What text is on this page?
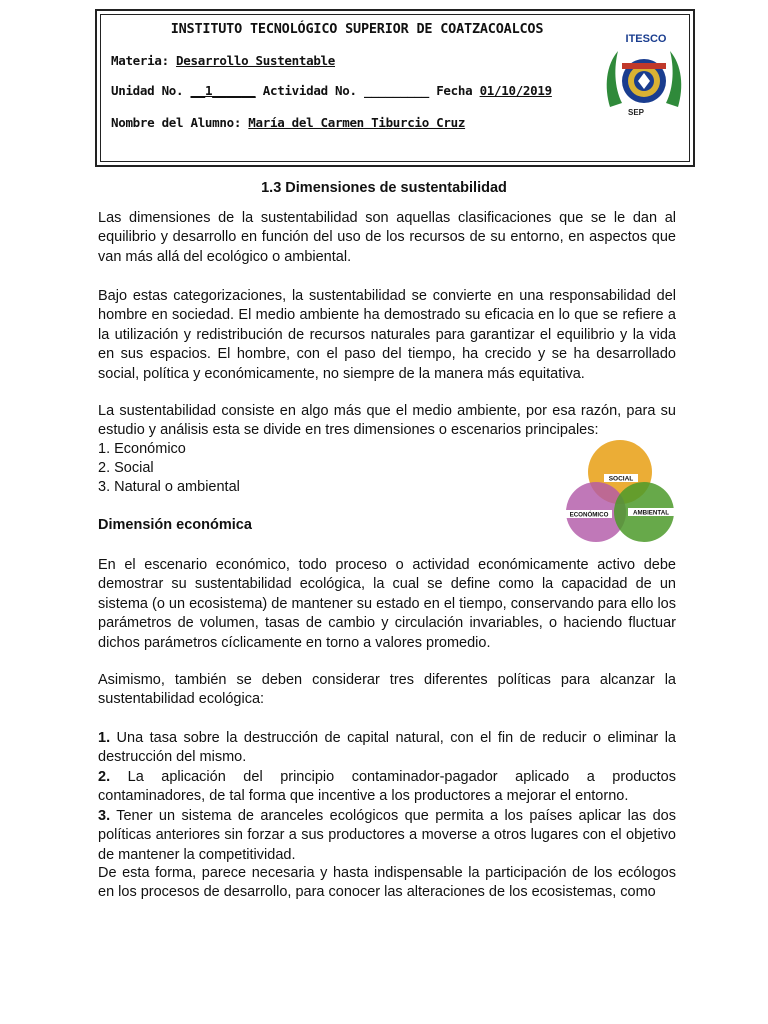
INSTITUTO TECNOLÓGICO SUPERIOR DE COATZACOALCOS
Materia: Desarrollo Sustentable
Unidad No. __1______ Actividad No. _________ Fecha 01/10/2019
Nombre del Alumno: María del Carmen Tiburcio Cruz
ITESCO
SEP
1.3 Dimensiones de sustentabilidad

Las dimensiones de la sustentabilidad son aquellas clasificaciones que se le dan al equilibrio y desarrollo en función del uso de los recursos de su entorno, en aspectos que van más allá del ecológico o ambiental.

Bajo estas categorizaciones, la sustentabilidad se convierte en una responsabilidad del hombre en sociedad. El medio ambiente ha demostrado su eficacia en lo que se refiere a la utilización y redistribución de recursos naturales para garantizar el equilibrio y la vida en sus espacios. El hombre, con el paso del tiempo, ha crecido y se ha desarrollado social, política y económicamente, no siempre de la manera más equitativa.

La sustentabilidad consiste en algo más que el medio ambiente, por esa razón, para su estudio y análisis esta se divide en tres dimensiones o escenarios principales:

1. Económico
2. Social
3. Natural o ambiental	SOCIAL
ECONÓMICO	AMBIENTAL
Dimensión económica

En el escenario económico, todo proceso o actividad económicamente activo debe demostrar su sustentabilidad ecológica, la cual se define como la capacidad de un sistema (o un ecosistema) de mantener su estado en el tiempo, conservando para ello los parámetros de volumen, tasas de cambio y circulación invariables, o haciendo fluctuar dichos parámetros cíclicamente en torno a valores promedio.

Asimismo, también se deben considerar tres diferentes políticas para alcanzar la sustentabilidad ecológica:

1. Una tasa sobre la destrucción de capital natural, con el fin de reducir o eliminar la destrucción del mismo.

2. La aplicación del principio contaminador-pagador aplicado a productos contaminadores, de tal forma que incentive a los productores a mejorar el entorno.

3. Tener un sistema de aranceles ecológicos que permita a los países aplicar las dos políticas anteriores sin forzar a sus productores a moverse a otros lugares con el objetivo de mantener la competitividad.

De esta forma, parece necesaria y hasta indispensable la participación de los ecólogos en los procesos de desarrollo, para conocer las alteraciones de los ecosistemas, como
